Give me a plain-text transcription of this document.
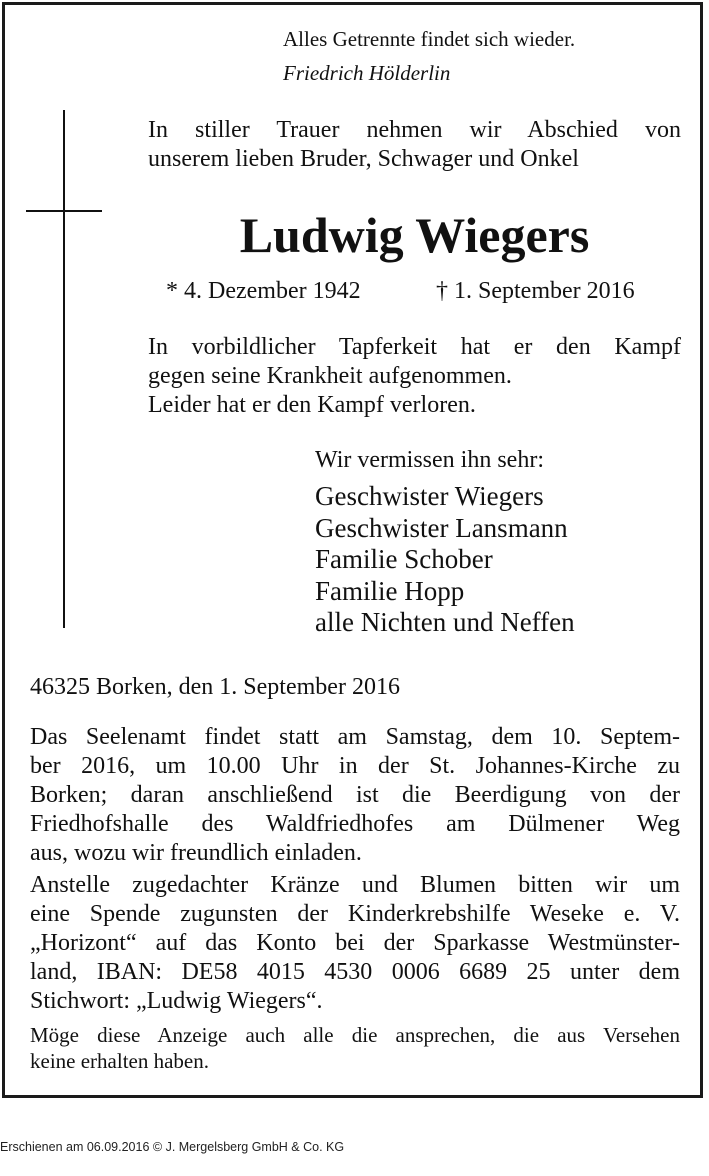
Alles Getrennte findet sich wieder.
Friedrich Hölderlin
In stiller Trauer nehmen wir Abschied von
unserem lieben Bruder, Schwager und Onkel
Ludwig Wiegers
* 4. Dezember 1942	† 1. September 2016
In vorbildlicher Tapferkeit hat er den Kampf
gegen seine Krankheit aufgenommen.
Leider hat er den Kampf verloren.
Wir vermissen ihn sehr:
Geschwister Wiegers
Geschwister Lansmann
Familie Schober
Familie Hopp
alle Nichten und Neffen
46325 Borken, den 1. September 2016
Das Seelenamt findet statt am Samstag, dem 10. Septem-
ber 2016, um 10.00 Uhr in der St. Johannes-Kirche zu
Borken; daran anschließend ist die Beerdigung von der
Friedhofshalle des Waldfriedhofes am Dülmener Weg
aus, wozu wir freundlich einladen.
Anstelle zugedachter Kränze und Blumen bitten wir um
eine Spende zugunsten der Kinderkrebshilfe Weseke e. V.
„Horizont“ auf das Konto bei der Sparkasse Westmünster-
land, IBAN: DE58 4015 4530 0006 6689 25 unter dem
Stichwort: „Ludwig Wiegers“.
Möge diese Anzeige auch alle die ansprechen, die aus Versehen
keine erhalten haben.
Erschienen am 06.09.2016 © J. Mergelsberg GmbH & Co. KG
